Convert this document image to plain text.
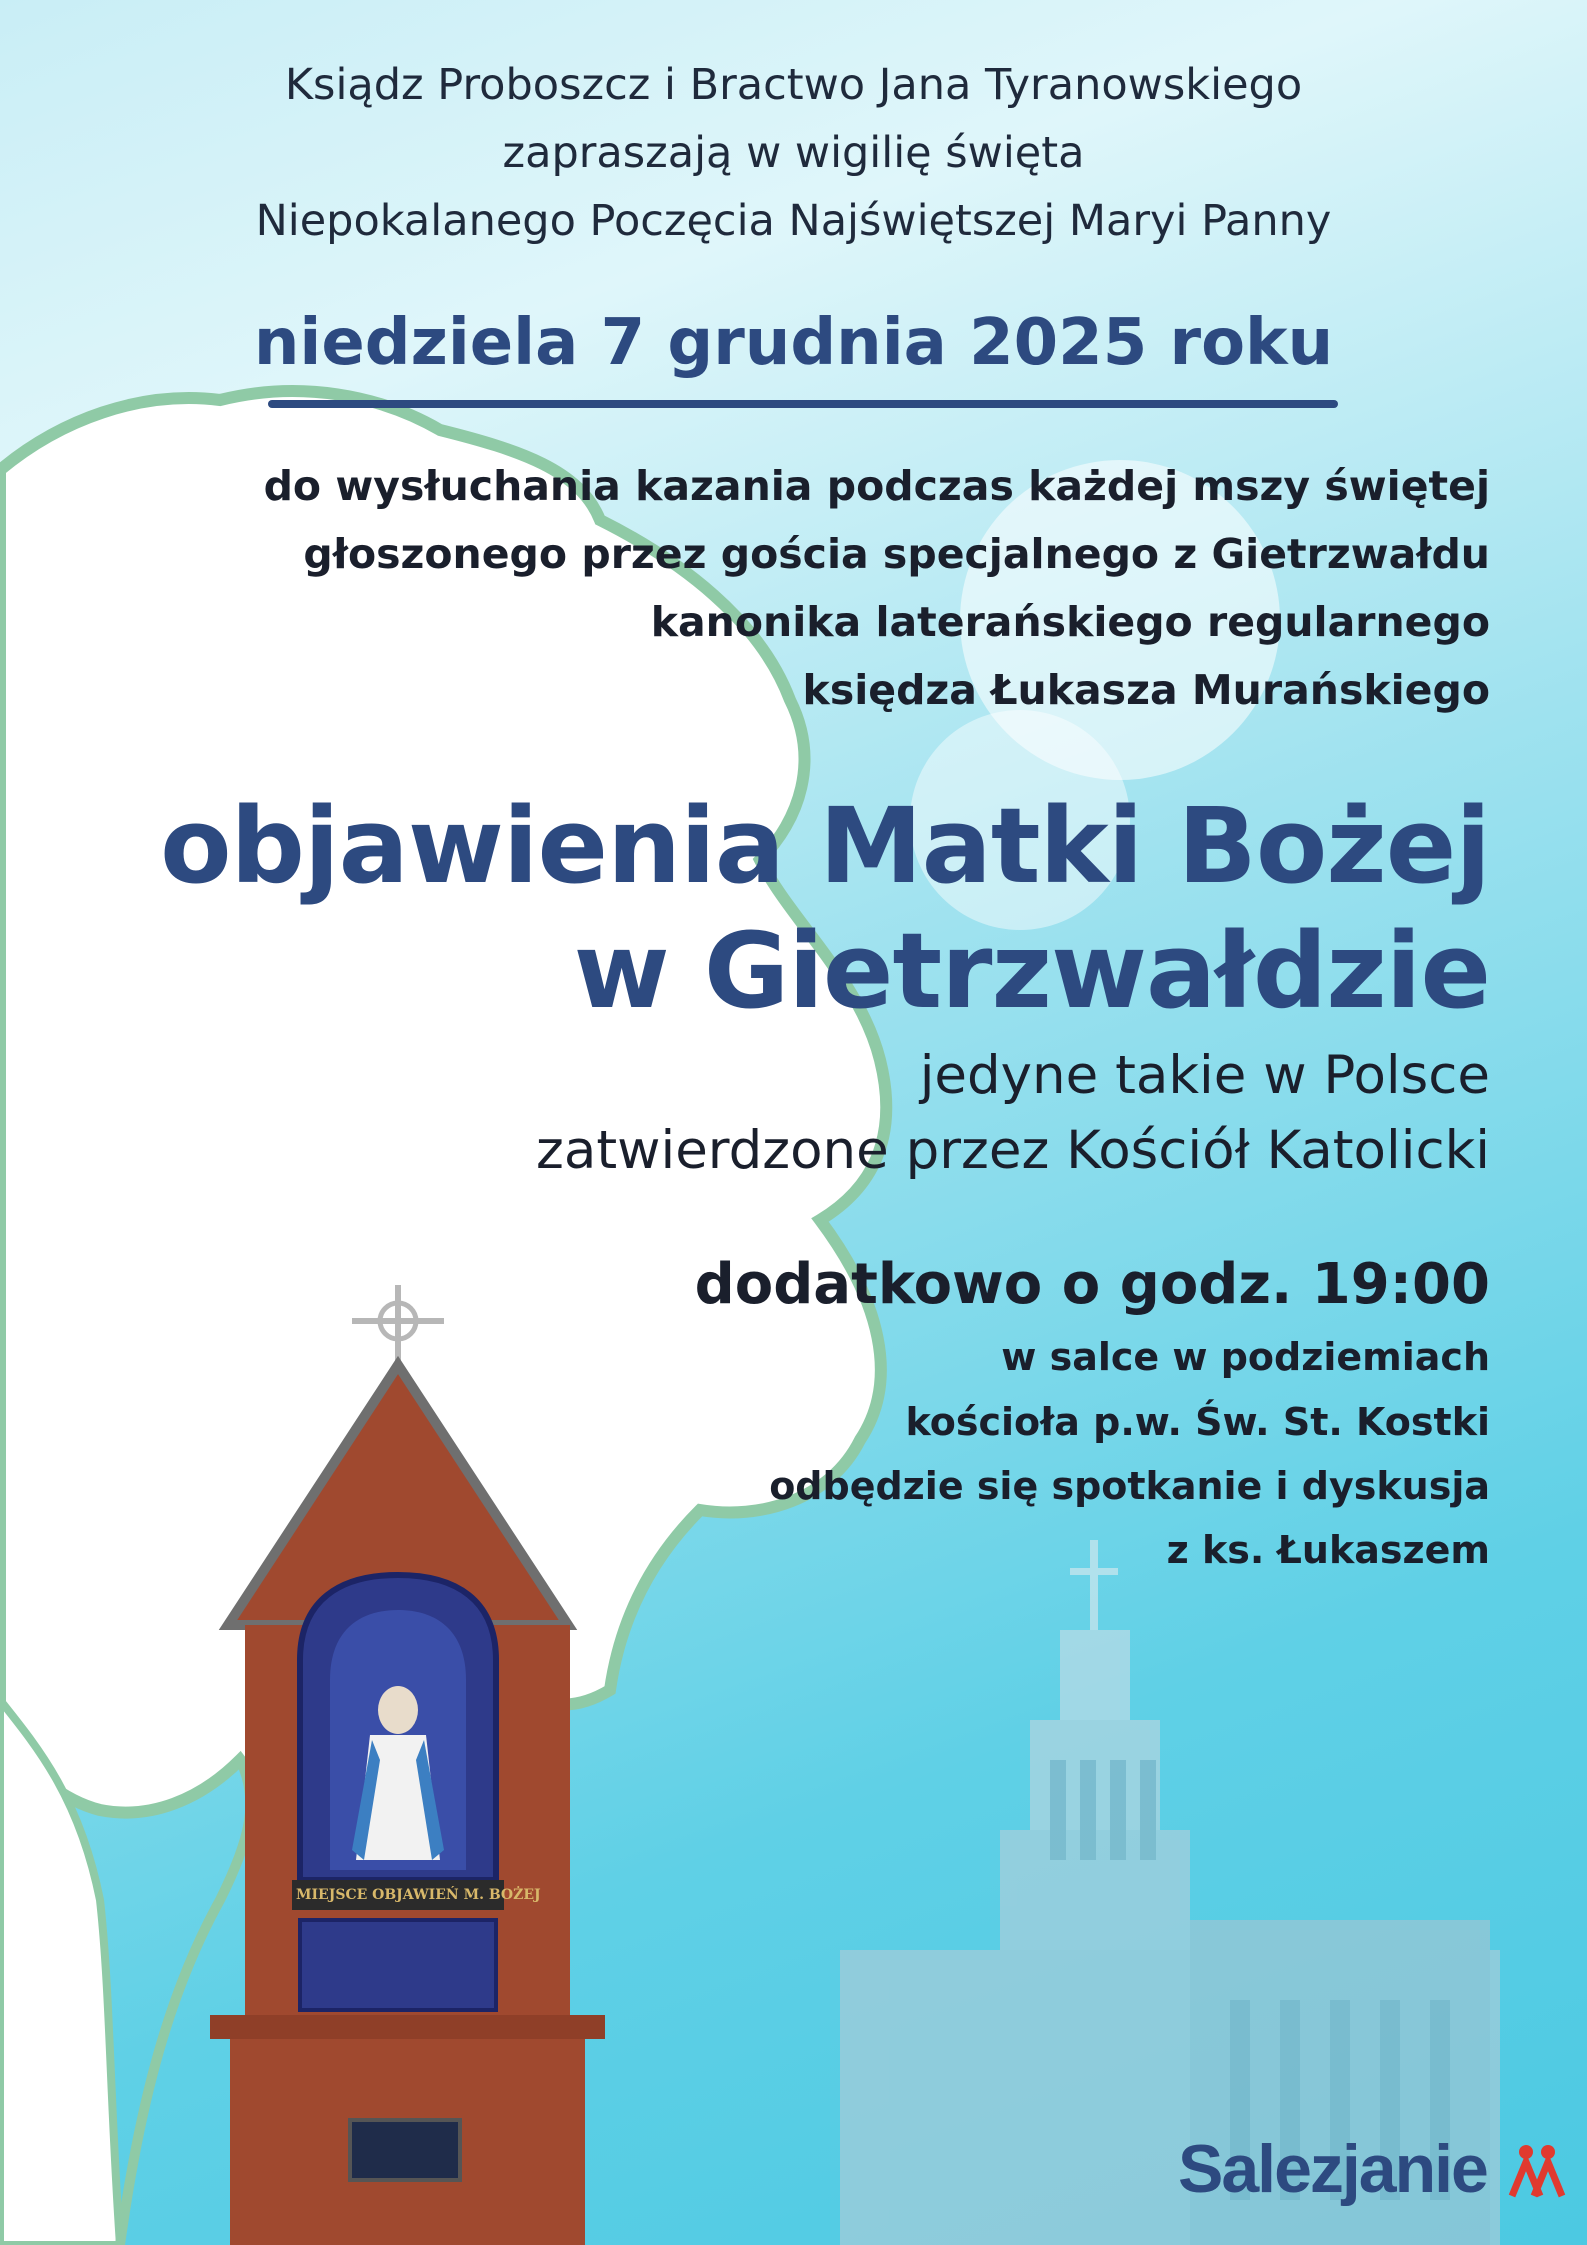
MIEJSCE OBJAWIEŃ M. BOŻEJ

Ksiądz Proboszcz i Bractwo Jana Tyranowskiego

zapraszają w wigilię święta

Niepokalanego Poczęcia Najświętszej Maryi Panny

niedziela 7 grudnia 2025 roku

do wysłuchania kazania podczas każdej mszy świętej

głoszonego przez gościa specjalnego z Gietrzwałdu

kanonika laterańskiego regularnego

księdza Łukasza Murańskiego

objawienia Matki Bożej

w Gietrzwałdzie

jedyne takie w Polsce

zatwierdzone przez Kościół Katolicki

dodatkowo o godz. 19:00

w salce w podziemiach

kościoła p.w. Św. St. Kostki

odbędzie się spotkanie i dyskusja

z ks. Łukaszem

Salezjanie
